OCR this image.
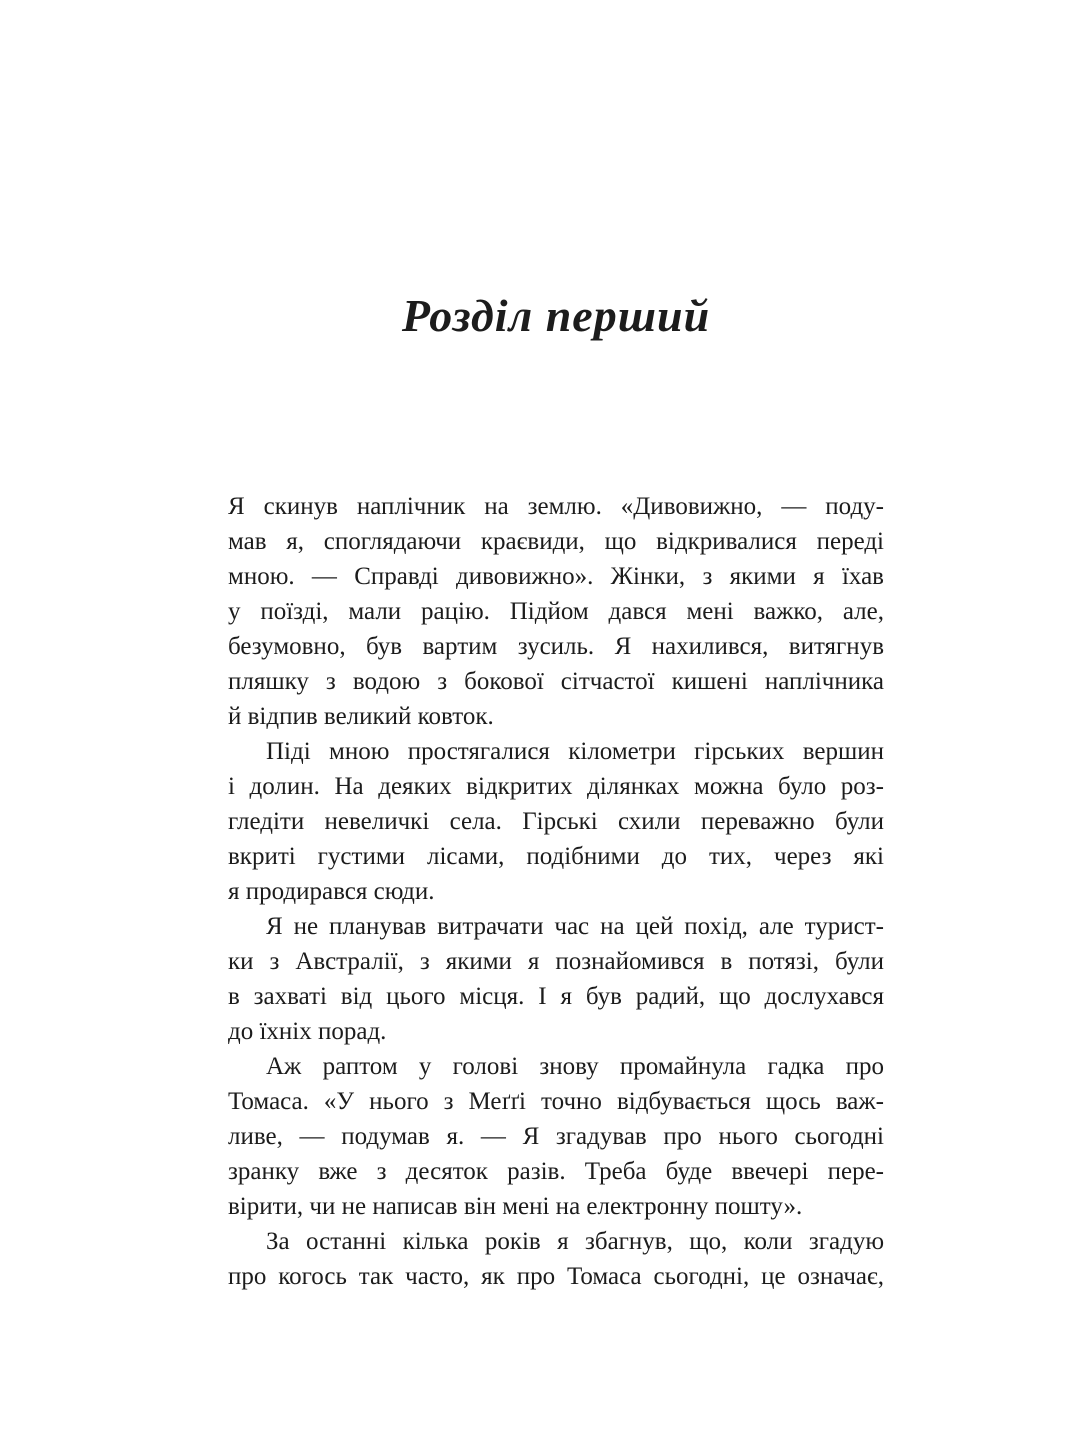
Розділ перший
Я скинув наплічник на землю. «Дивовижно, — поду-
мав я, споглядаючи краєвиди, що відкривалися переді
мною. — Справді дивовижно». Жінки, з якими я їхав
у поїзді, мали рацію. Підйом дався мені важко, але,
безумовно, був вартим зусиль. Я нахилився, витягнув
пляшку з водою з бокової сітчастої кишені наплічника
й відпив великий ковток.
Піді мною простягалися кілометри гірських вершин
і долин. На деяких відкритих ділянках можна було роз-
гледіти невеличкі села. Гірські схили переважно були
вкриті густими лісами, подібними до тих, через які
я продирався сюди.
Я не планував витрачати час на цей похід, але турист-
ки з Австралії, з якими я познайомився в потязі, були
в захваті від цього місця. І я був радий, що дослухався
до їхніх порад.
Аж раптом у голові знову промайнула гадка про
Томаса. «У нього з Меґґі точно відбувається щось важ-
ливе, — подумав я. — Я згадував про нього сьогодні
зранку вже з десяток разів. Треба буде ввечері пере-
вірити, чи не написав він мені на електронну пошту».
За останні кілька років я збагнув, що, коли згадую
про когось так часто, як про Томаса сьогодні, це означає,
